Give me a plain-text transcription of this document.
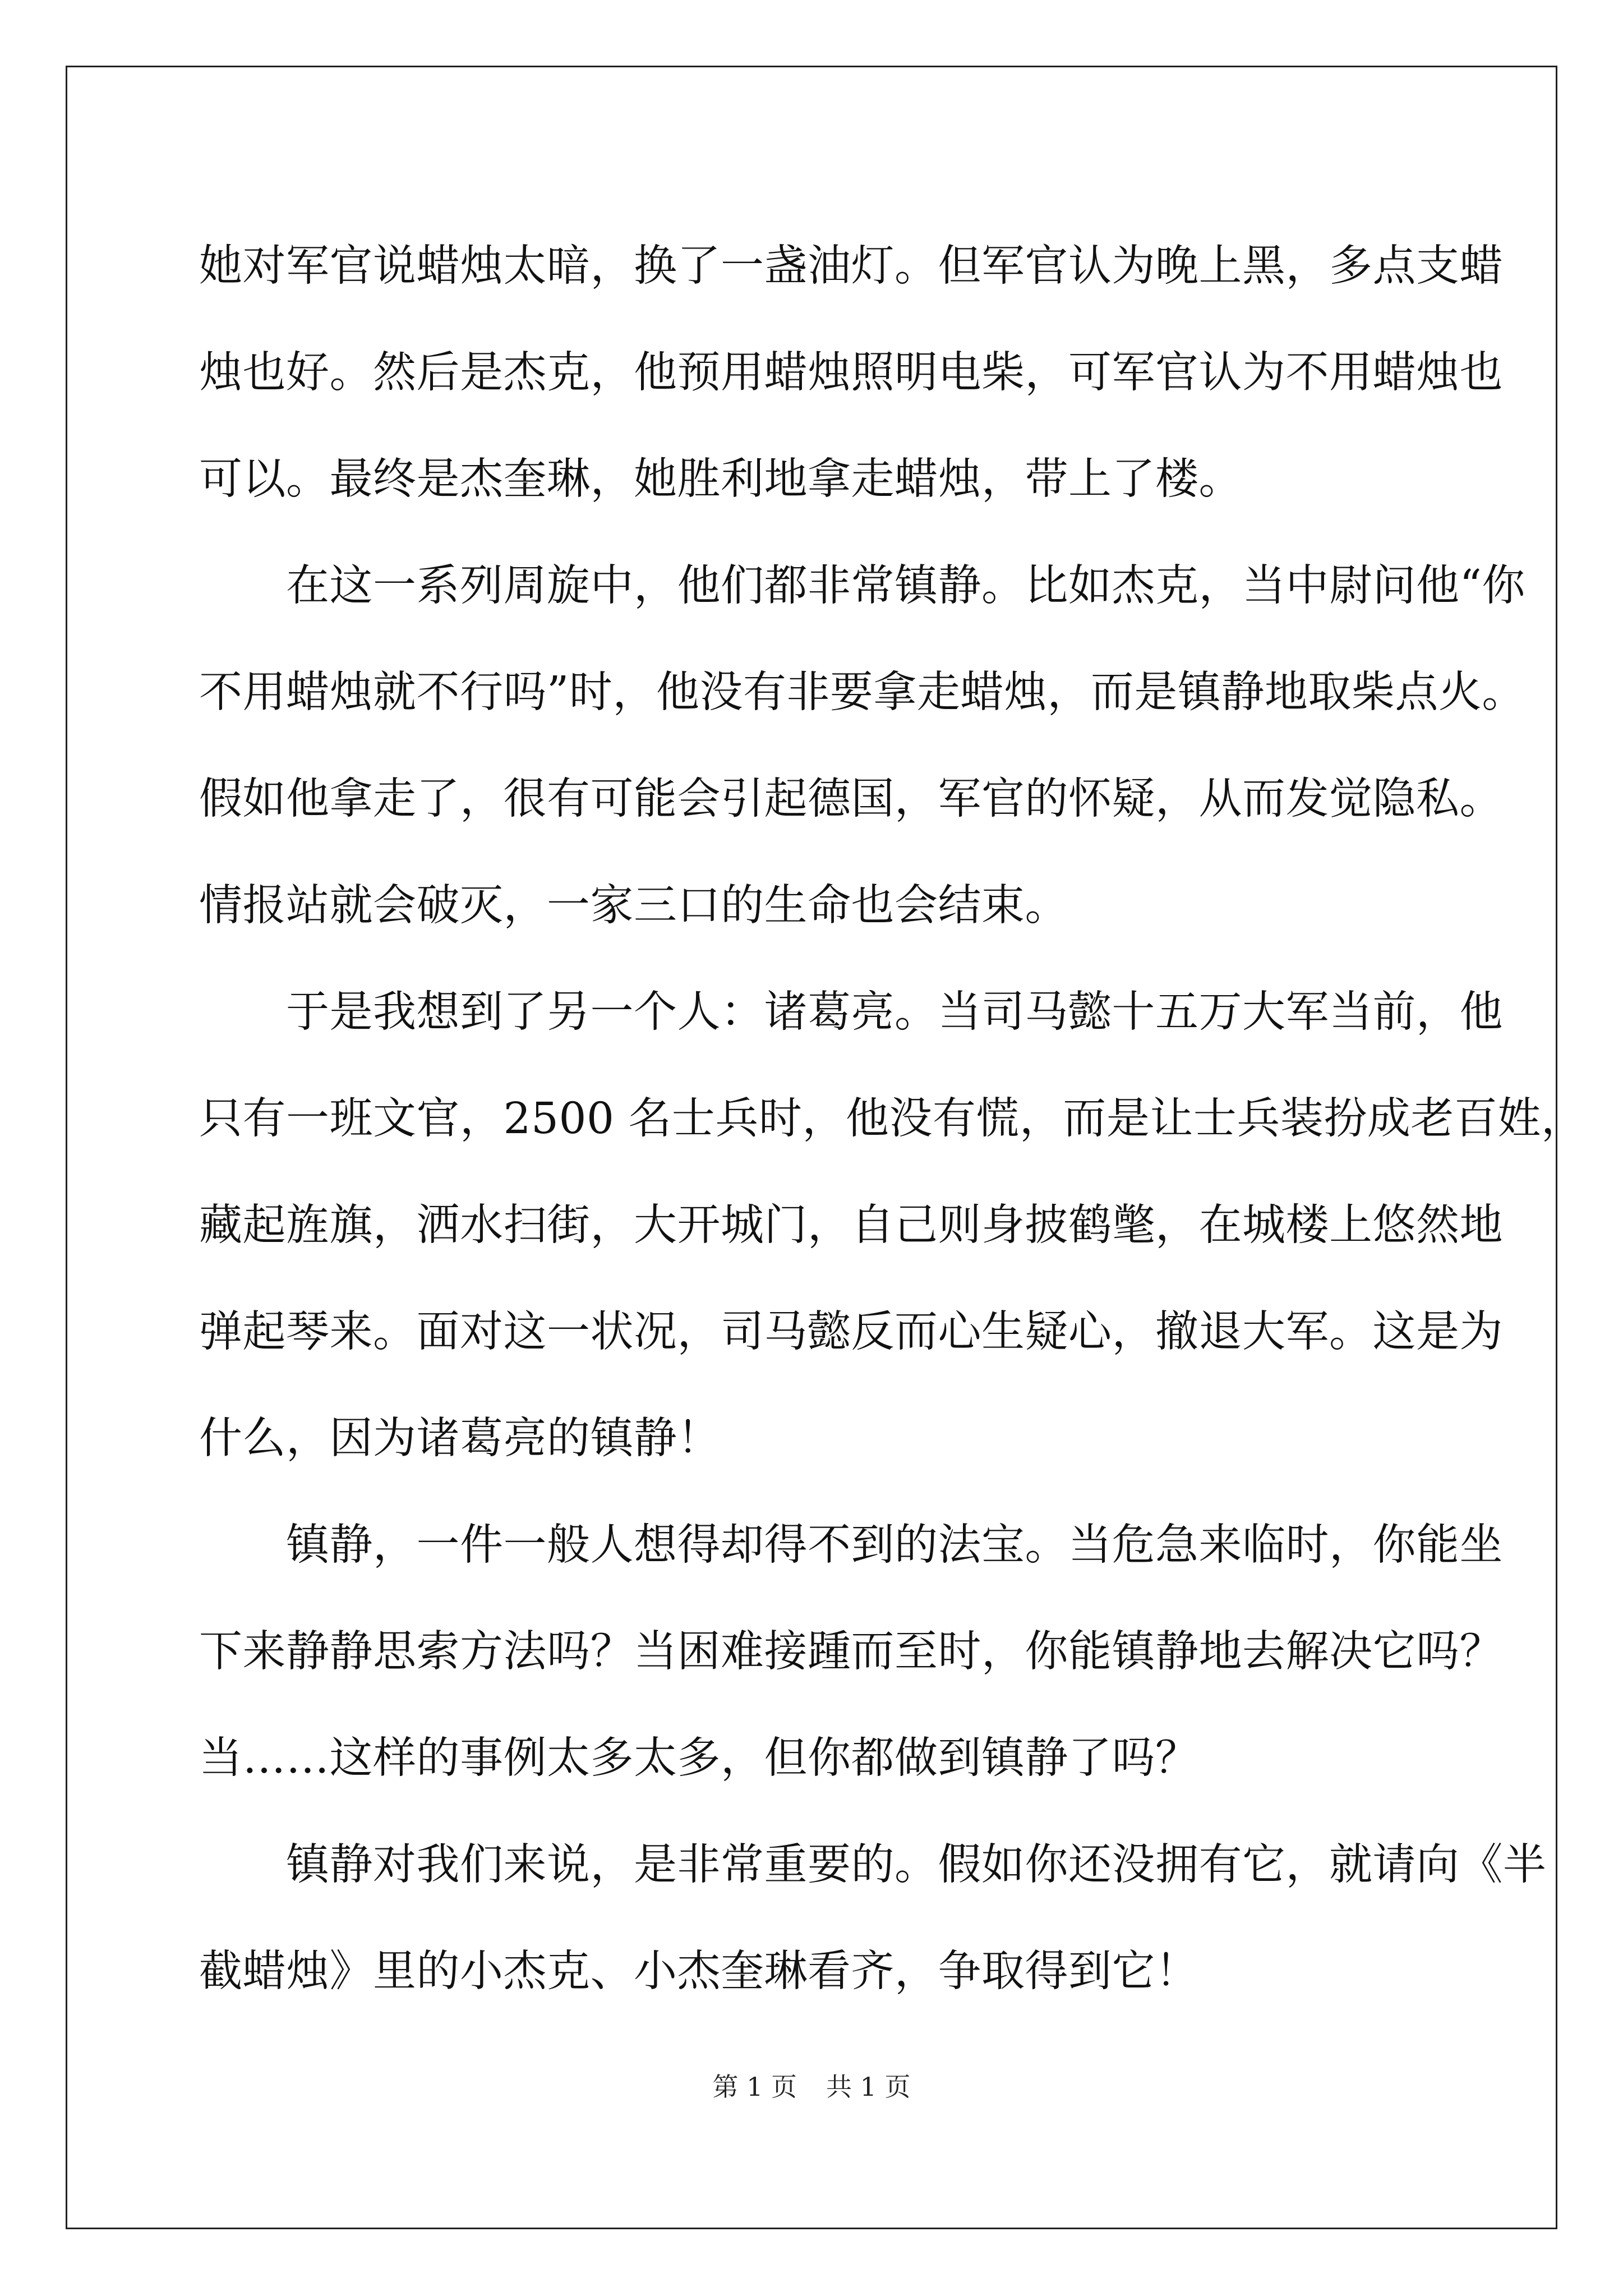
她对军官说蜡烛太暗，换了一盏油灯。但军官认为晚上黑，多点支蜡
烛也好。然后是杰克，他预用蜡烛照明电柴，可军官认为不用蜡烛也
可以。最终是杰奎琳，她胜利地拿走蜡烛，带上了楼。
　　在这一系列周旋中，他们都非常镇静。比如杰克，当中尉问他“你
不用蜡烛就不行吗”时，他没有非要拿走蜡烛，而是镇静地取柴点火。
假如他拿走了，很有可能会引起德国，军官的怀疑，从而发觉隐私。
情报站就会破灭，一家三口的生命也会结束。
　　于是我想到了另一个人：诸葛亮。当司马懿十五万大军当前，他
只有一班文官，2500 名士兵时，他没有慌，而是让士兵装扮成老百姓，
藏起旌旗，洒水扫街，大开城门，自己则身披鹤氅，在城楼上悠然地
弹起琴来。面对这一状况，司马懿反而心生疑心，撤退大军。这是为
什么，因为诸葛亮的镇静！
　　镇静，一件一般人想得却得不到的法宝。当危急来临时，你能坐
下来静静思索方法吗？当困难接踵而至时，你能镇静地去解决它吗？
当……这样的事例太多太多，但你都做到镇静了吗？
　　镇静对我们来说，是非常重要的。假如你还没拥有它，就请向《半
截蜡烛》里的小杰克、小杰奎琳看齐，争取得到它！
第 1 页 共 1 页
